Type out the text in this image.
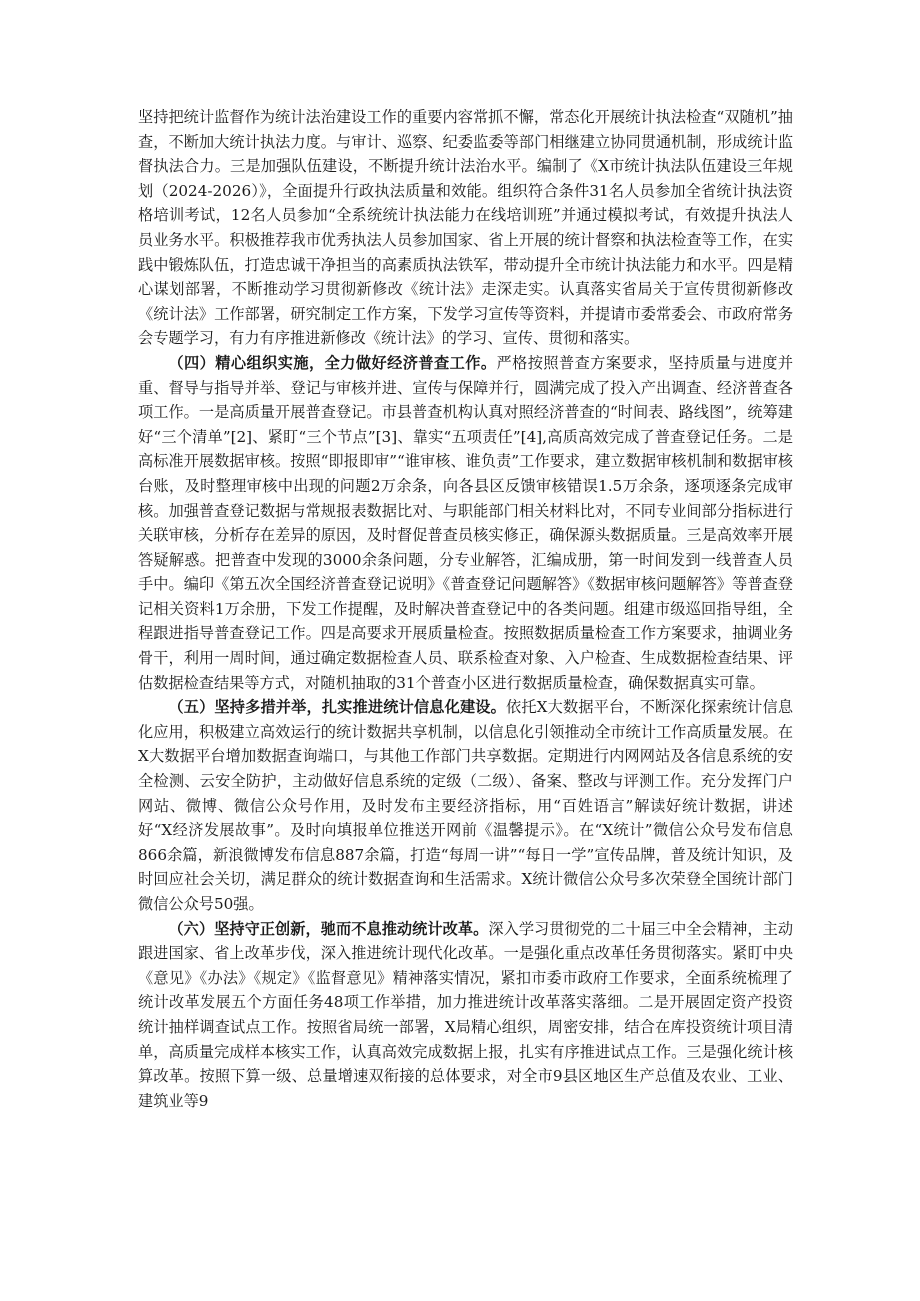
坚持把统计监督作为统计法治建设工作的重要内容常抓不懈，常态化开展统计执法检查“双随机”抽查，不断加大统计执法力度。与审计、巡察、纪委监委等部门相继建立协同贯通机制，形成统计监督执法合力。三是加强队伍建设，不断提升统计法治水平。编制了《X市统计执法队伍建设三年规划（2024-2026）》，全面提升行政执法质量和效能。组织符合条件31名人员参加全省统计执法资格培训考试，12名人员参加“全系统统计执法能力在线培训班”并通过模拟考试，有效提升执法人员业务水平。积极推荐我市优秀执法人员参加国家、省上开展的统计督察和执法检查等工作，在实践中锻炼队伍，打造忠诚干净担当的高素质执法铁军，带动提升全市统计执法能力和水平。四是精心谋划部署，不断推动学习贯彻新修改《统计法》走深走实。认真落实省局关于宣传贯彻新修改《统计法》工作部署，研究制定工作方案，下发学习宣传等资料，并提请市委常委会、市政府常务会专题学习，有力有序推进新修改《统计法》的学习、宣传、贯彻和落实。

（四）精心组织实施，全力做好经济普查工作。严格按照普查方案要求，坚持质量与进度并重、督导与指导并举、登记与审核并进、宣传与保障并行，圆满完成了投入产出调查、经济普查各项工作。一是高质量开展普查登记。市县普查机构认真对照经济普查的“时间表、路线图”，统筹建好“三个清单”[2]、紧盯“三个节点”[3]、靠实“五项责任”[4],高质高效完成了普查登记任务。二是高标准开展数据审核。按照“即报即审”“谁审核、谁负责”工作要求，建立数据审核机制和数据审核台账，及时整理审核中出现的问题2万余条，向各县区反馈审核错误1.5万余条，逐项逐条完成审核。加强普查登记数据与常规报表数据比对、与职能部门相关材料比对，不同专业间部分指标进行关联审核，分析存在差异的原因，及时督促普查员核实修正，确保源头数据质量。三是高效率开展答疑解惑。把普查中发现的3000余条问题，分专业解答，汇编成册，第一时间发到一线普查人员手中。编印《第五次全国经济普查登记说明》《普查登记问题解答》《数据审核问题解答》等普查登记相关资料1万余册，下发工作提醒，及时解决普查登记中的各类问题。组建市级巡回指导组，全程跟进指导普查登记工作。四是高要求开展质量检查。按照数据质量检查工作方案要求，抽调业务骨干，利用一周时间，通过确定数据检查人员、联系检查对象、入户检查、生成数据检查结果、评估数据检查结果等方式，对随机抽取的31个普查小区进行数据质量检查，确保数据真实可靠。

（五）坚持多措并举，扎实推进统计信息化建设。依托X大数据平台，不断深化探索统计信息化应用，积极建立高效运行的统计数据共享机制，以信息化引领推动全市统计工作高质量发展。在X大数据平台增加数据查询端口，与其他工作部门共享数据。定期进行内网网站及各信息系统的安全检测、云安全防护，主动做好信息系统的定级（二级）、备案、整改与评测工作。充分发挥门户网站、微博、微信公众号作用，及时发布主要经济指标，用“百姓语言”解读好统计数据，讲述好“X经济发展故事”。及时向填报单位推送开网前《温馨提示》。在“X统计”微信公众号发布信息866余篇，新浪微博发布信息887余篇，打造“每周一讲”“每日一学”宣传品牌，普及统计知识，及时回应社会关切，满足群众的统计数据查询和生活需求。X统计微信公众号多次荣登全国统计部门微信公众号50强。

（六）坚持守正创新，驰而不息推动统计改革。深入学习贯彻党的二十届三中全会精神，主动跟进国家、省上改革步伐，深入推进统计现代化改革。一是强化重点改革任务贯彻落实。紧盯中央《意见》《办法》《规定》《监督意见》精神落实情况，紧扣市委市政府工作要求，全面系统梳理了统计改革发展五个方面任务48项工作举措，加力推进统计改革落实落细。二是开展固定资产投资统计抽样调查试点工作。按照省局统一部署，X局精心组织，周密安排，结合在库投资统计项目清单，高质量完成样本核实工作，认真高效完成数据上报，扎实有序推进试点工作。三是强化统计核算改革。按照下算一级、总量增速双衔接的总体要求，对全市9县区地区生产总值及农业、工业、建筑业等9
